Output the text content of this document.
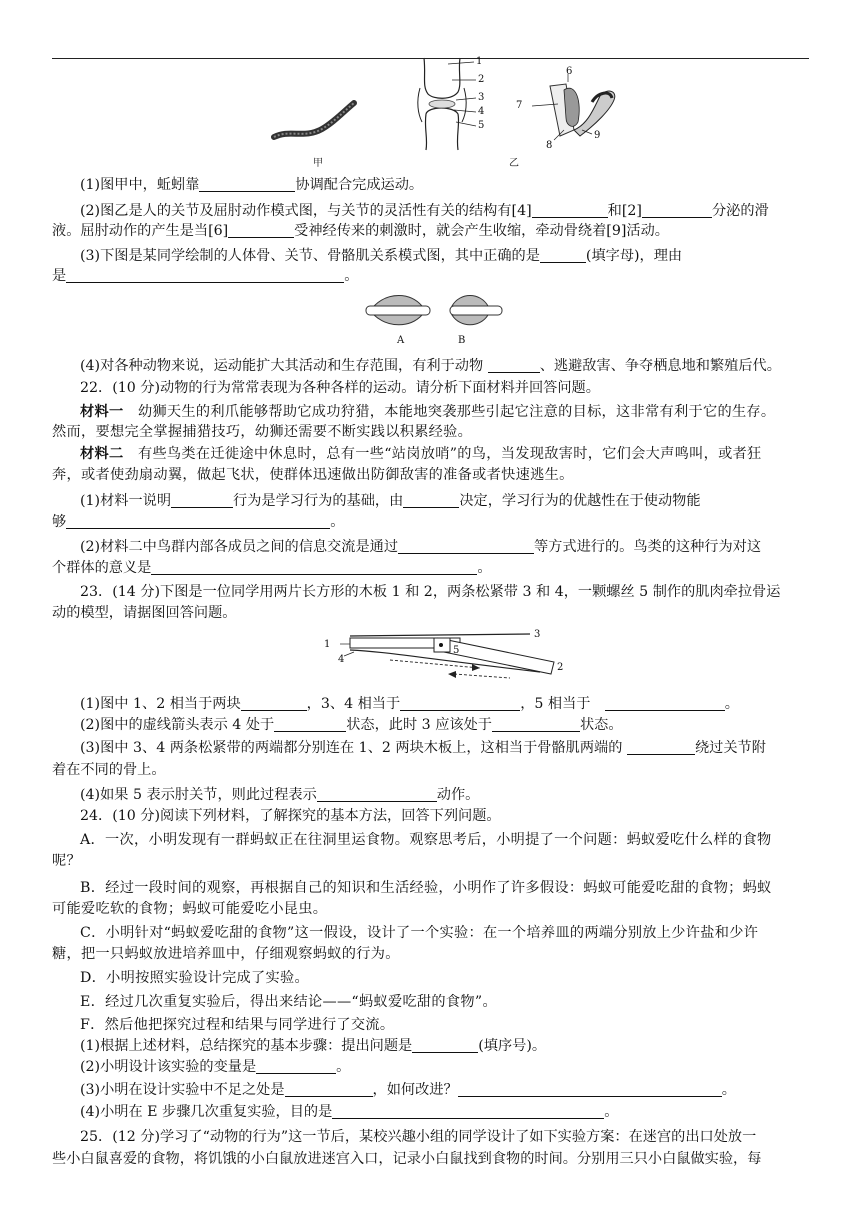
甲
1
2
3
4
5
6
7
8
9
乙
(1)图甲中，蚯蚓靠	协调配合完成运动。
(2)图乙是人的关节及屈肘动作模式图，与关节的灵活性有关的结构有[4]	和[2]	分泌的滑
液。屈肘动作的产生是当[6]	受神经传来的刺激时，就会产生收缩，牵动骨绕着[9]活动。
(3)下图是某同学绘制的人体骨、关节、骨骼肌关系模式图，其中正确的是	(填字母)，理由
是	。
A	B
(4)对各种动物来说，运动能扩大其活动和生存范围，有利于动物	、逃避敌害、争夺栖息地和繁殖后代。
22．(10 分)动物的行为常常表现为各种各样的运动。请分析下面材料并回答问题。
材料一　幼狮天生的利爪能够帮助它成功狩猎，本能地突袭那些引起它注意的目标，这非常有利于它的生存。
然而，要想完全掌握捕猎技巧，幼狮还需要不断实践以积累经验。
材料二　有些鸟类在迁徙途中休息时，总有一些“站岗放哨”的鸟，当发现敌害时，它们会大声鸣叫，或者狂
奔，或者使劲扇动翼，做起飞状，使群体迅速做出防御敌害的准备或者快速逃生。
(1)材料一说明	行为是学习行为的基础，由	决定，学习行为的优越性在于使动物能
够	。
(2)材料二中鸟群内部各成员之间的信息交流是通过	等方式进行的。鸟类的这种行为对这
个群体的意义是	。
23．(14 分)下图是一位同学用两片长方形的木板 1 和 2，两条松紧带 3 和 4，一颗螺丝 5 制作的肌肉牵拉骨运
动的模型，请据图回答问题。
1
2
3
4
5
(1)图中 1、2 相当于两块	，3、4 相当于	，5 相当于　	。
(2)图中的虚线箭头表示 4 处于	状态，此时 3 应该处于	状态。
(3)图中 3、4 两条松紧带的两端都分别连在 1、2 两块木板上，这相当于骨骼肌两端的	绕过关节附
着在不同的骨上。
(4)如果 5 表示肘关节，则此过程表示	动作。
24．(10 分)阅读下列材料，了解探究的基本方法，回答下列问题。
A．一次，小明发现有一群蚂蚁正在往洞里运食物。观察思考后，小明提了一个问题：蚂蚁爱吃什么样的食物
呢？
B．经过一段时间的观察，再根据自己的知识和生活经验，小明作了许多假设：蚂蚁可能爱吃甜的食物；蚂蚁
可能爱吃软的食物；蚂蚁可能爱吃小昆虫。
C．小明针对“蚂蚁爱吃甜的食物”这一假设，设计了一个实验：在一个培养皿的两端分别放上少许盐和少许
糖，把一只蚂蚁放进培养皿中，仔细观察蚂蚁的行为。
D．小明按照实验设计完成了实验。
E．经过几次重复实验后，得出来结论——“蚂蚁爱吃甜的食物”。
F．然后他把探究过程和结果与同学进行了交流。
(1)根据上述材料，总结探究的基本步骤：提出问题是	(填序号)。
(2)小明设计该实验的变量是	。
(3)小明在设计实验中不足之处是	，如何改进？	。
(4)小明在 E 步骤几次重复实验，目的是	。
25．(12 分)学习了“动物的行为”这一节后，某校兴趣小组的同学设计了如下实验方案：在迷宫的出口处放一
些小白鼠喜爱的食物，将饥饿的小白鼠放进迷宫入口，记录小白鼠找到食物的时间。分别用三只小白鼠做实验，每
